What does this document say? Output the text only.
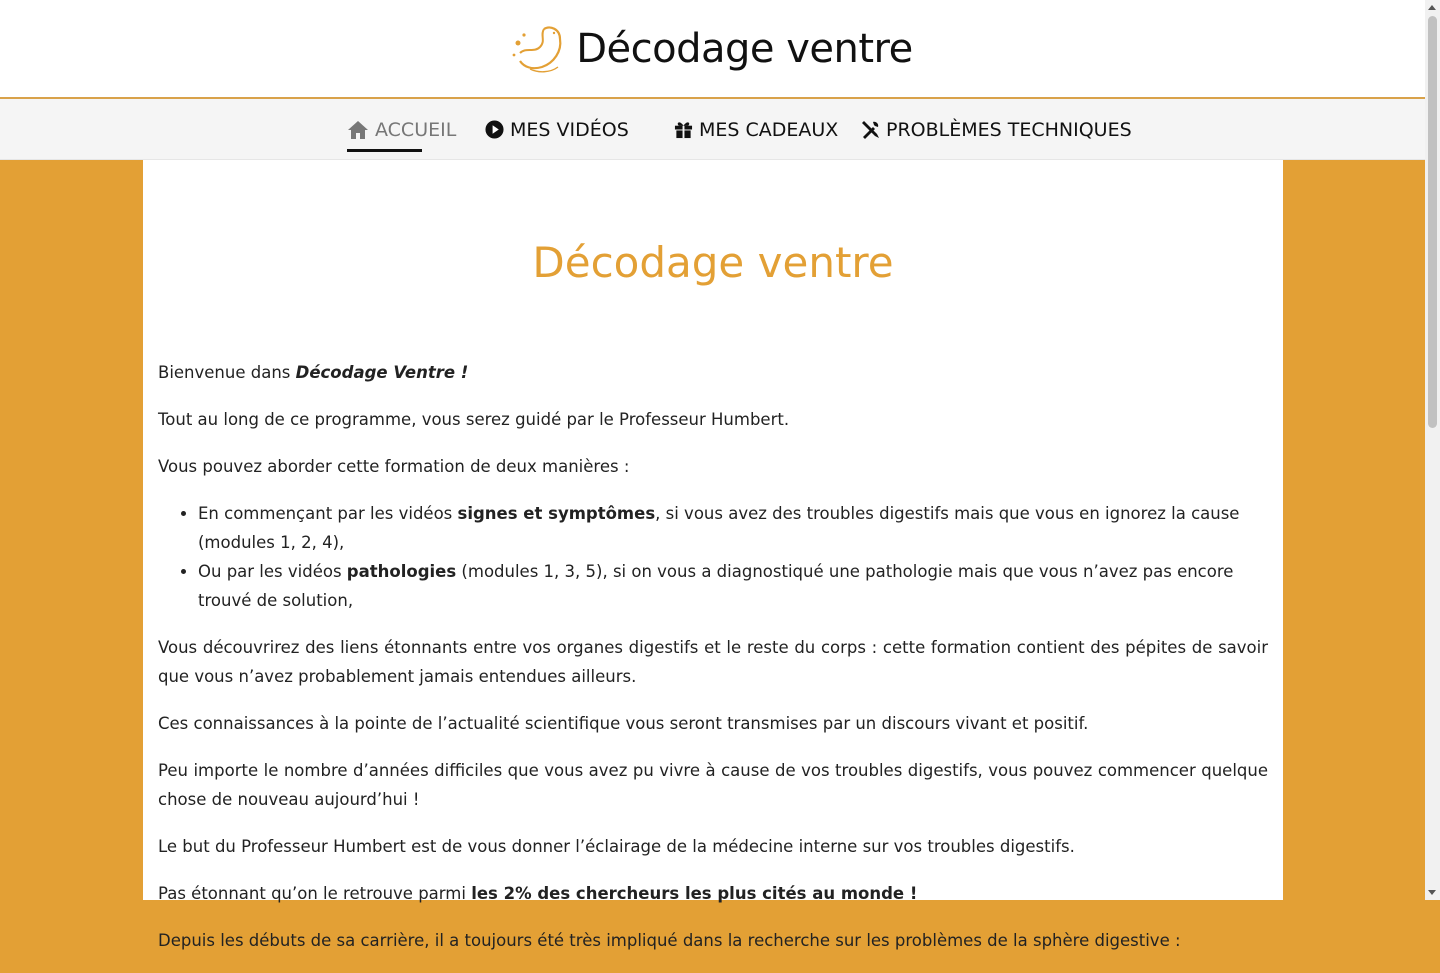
Décodage ventre
ACCUEIL	MES VIDÉOS	MES CADEAUX	PROBLÈMES TECHNIQUES
Décodage ventre

Bienvenue dans Décodage Ventre !

Tout au long de ce programme, vous serez guidé par le Professeur Humbert.

Vous pouvez aborder cette formation de deux manières :

• En commençant par les vidéos signes et symptômes, si vous avez des troubles digestifs mais que vous en ignorez la cause (modules 1, 2, 4),
• Ou par les vidéos pathologies (modules 1, 3, 5), si on vous a diagnostiqué une pathologie mais que vous n’avez pas encore trouvé de solution,

Vous découvrirez des liens étonnants entre vos organes digestifs et le reste du corps : cette formation contient des pépites de savoir que vous n’avez probablement jamais entendues ailleurs.

Ces connaissances à la pointe de l’actualité scientifique vous seront transmises par un discours vivant et positif.

Peu importe le nombre d’années difficiles que vous avez pu vivre à cause de vos troubles digestifs, vous pouvez commencer quelque chose de nouveau aujourd’hui !

Le but du Professeur Humbert est de vous donner l’éclairage de la médecine interne sur vos troubles digestifs.

Pas étonnant qu’on le retrouve parmi les 2% des chercheurs les plus cités au monde !

Depuis les débuts de sa carrière, il a toujours été très impliqué dans la recherche sur les problèmes de la sphère digestive :
